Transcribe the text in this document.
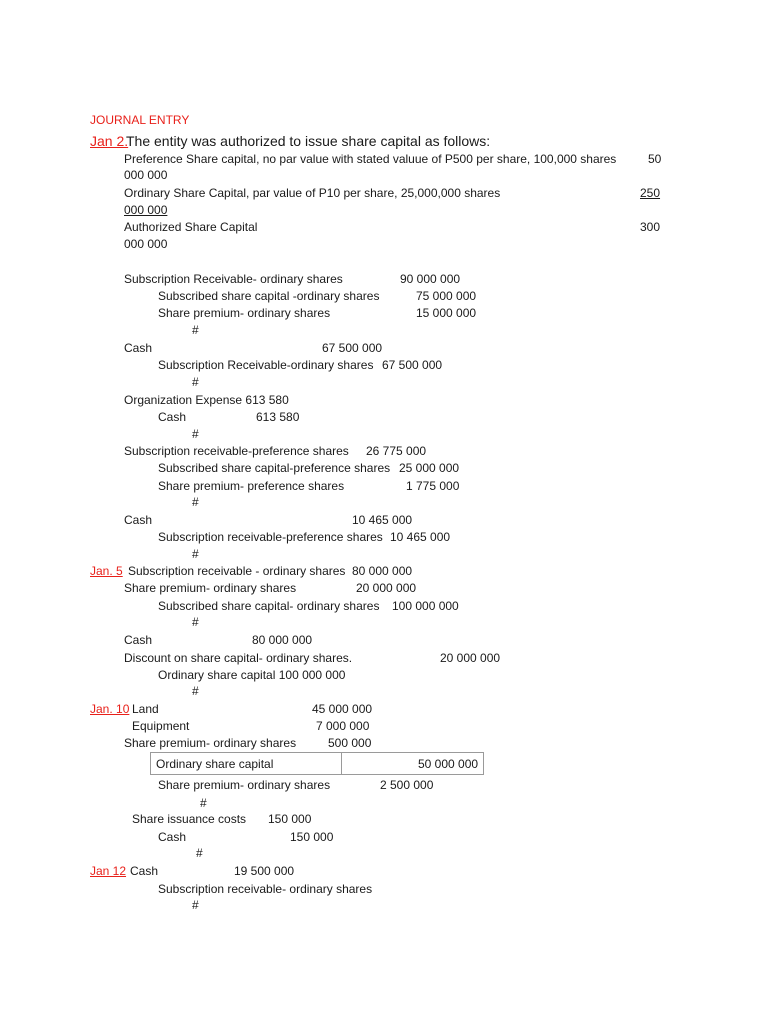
JOURNAL ENTRY
Jan 2.
The entity was authorized to issue share capital as follows:
Preference Share capital, no par value with stated valuue of P500 per share, 100,000 shares	50
000 000
Ordinary Share Capital, par value of P10 per share, 25,000,000 shares	250
000 000
Authorized Share Capital	300
000 000
Subscription Receivable- ordinary shares	90 000 000
Subscribed share capital -ordinary shares	75 000 000
Share premium- ordinary shares	15 000 000
#
Cash	67 500 000
Subscription Receivable-ordinary shares 67 500 000
#
Organization Expense 613 580
Cash	613 580
#
Subscription receivable-preference shares 26 775 000
Subscribed share capital-preference shares 25 000 000
Share premium- preference shares	1 775 000
#
Cash	10 465 000
Subscription receivable-preference shares 10 465 000
#
Jan. 5 Subscription receivable - ordinary shares 80 000 000
Share premium- ordinary shares	20 000 000
Subscribed share capital- ordinary shares 100 000 000
#
Cash	80 000 000
Discount on share capital- ordinary shares.	20 000 000
Ordinary share capital 100 000 000
#
Jan. 10 Land	45 000 000
Equipment	7 000 000
Share premium- ordinary shares	500 000
Ordinary share capital	50 000 000
Share premium- ordinary shares	2 500 000
#
Share issuance costs 150 000
Cash	150 000
#
Jan 12 Cash	19 500 000
Subscription receivable- ordinary shares
#
